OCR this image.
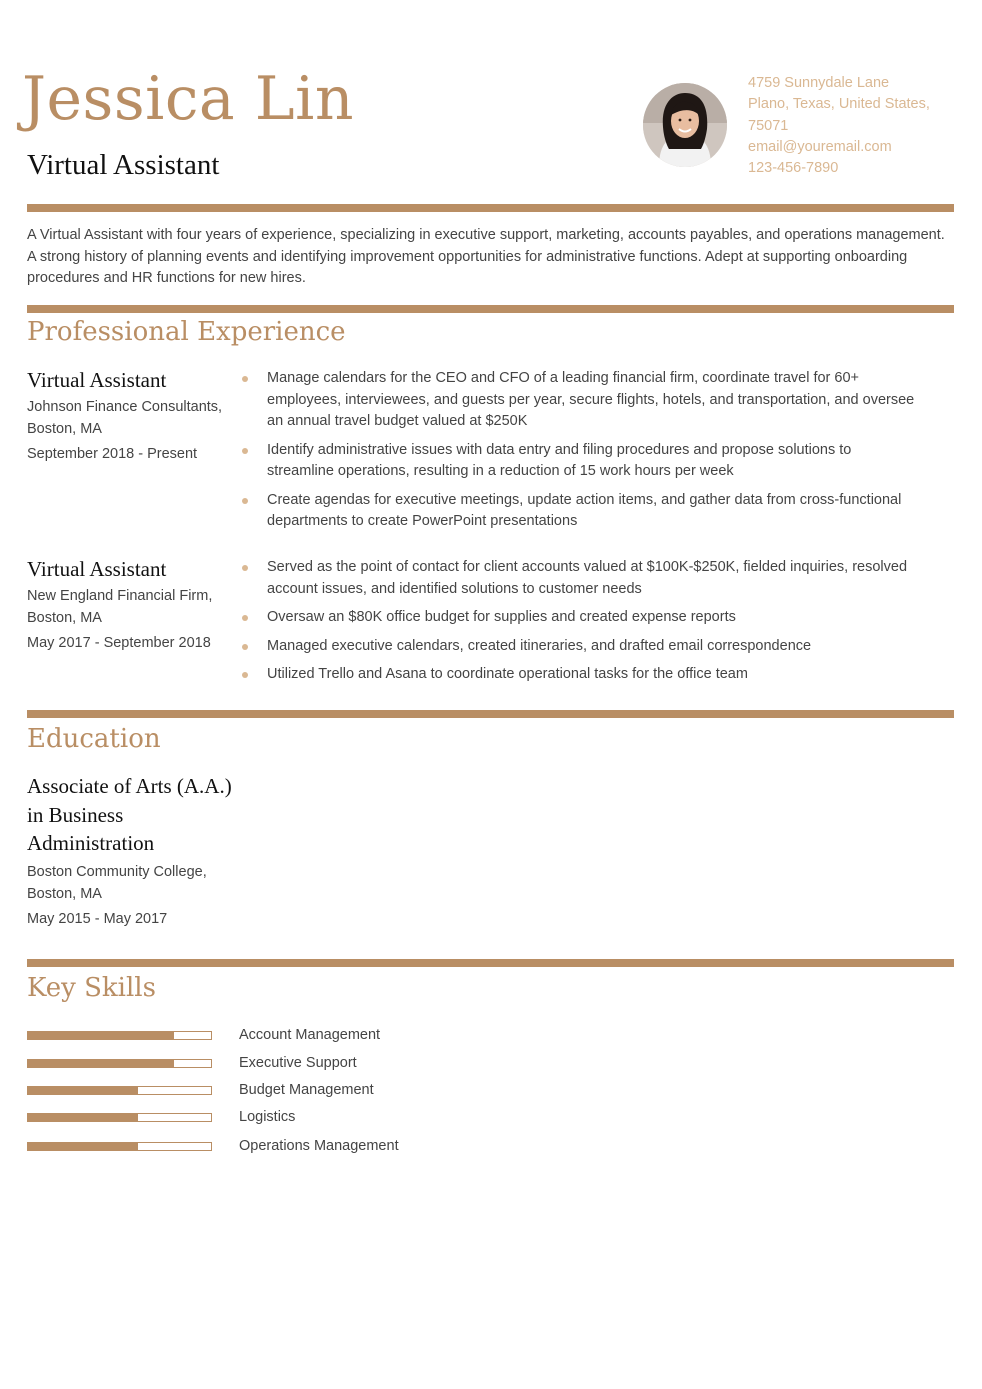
Jessica Lin
Virtual Assistant
4759 Sunnydale Lane
Plano, Texas, United States,
75071
email@youremail.com
123-456-7890
A Virtual Assistant with four years of experience, specializing in executive support, marketing, accounts payables, and operations management. A strong history of planning events and identifying improvement opportunities for administrative functions. Adept at supporting onboarding procedures and HR functions for new hires.
Professional Experience
Virtual Assistant
Johnson Finance Consultants,
Boston, MA
September 2018 - Present
Manage calendars for the CEO and CFO of a leading financial firm, coordinate travel for 60+ employees, interviewees, and guests per year, secure flights, hotels, and transportation, and oversee an annual travel budget valued at $250K
Identify administrative issues with data entry and filing procedures and propose solutions to streamline operations, resulting in a reduction of 15 work hours per week
Create agendas for executive meetings, update action items, and gather data from cross-functional departments to create PowerPoint presentations
Virtual Assistant
New England Financial Firm,
Boston, MA
May 2017 - September 2018
Served as the point of contact for client accounts valued at $100K-$250K, fielded inquiries, resolved account issues, and identified solutions to customer needs
Oversaw an $80K office budget for supplies and created expense reports
Managed executive calendars, created itineraries, and drafted email correspondence
Utilized Trello and Asana to coordinate operational tasks for the office team
Education
Associate of Arts (A.A.) in Business Administration
Boston Community College,
Boston, MA
May 2015 - May 2017
Key Skills
Account Management
Executive Support
Budget Management
Logistics
Operations Management
